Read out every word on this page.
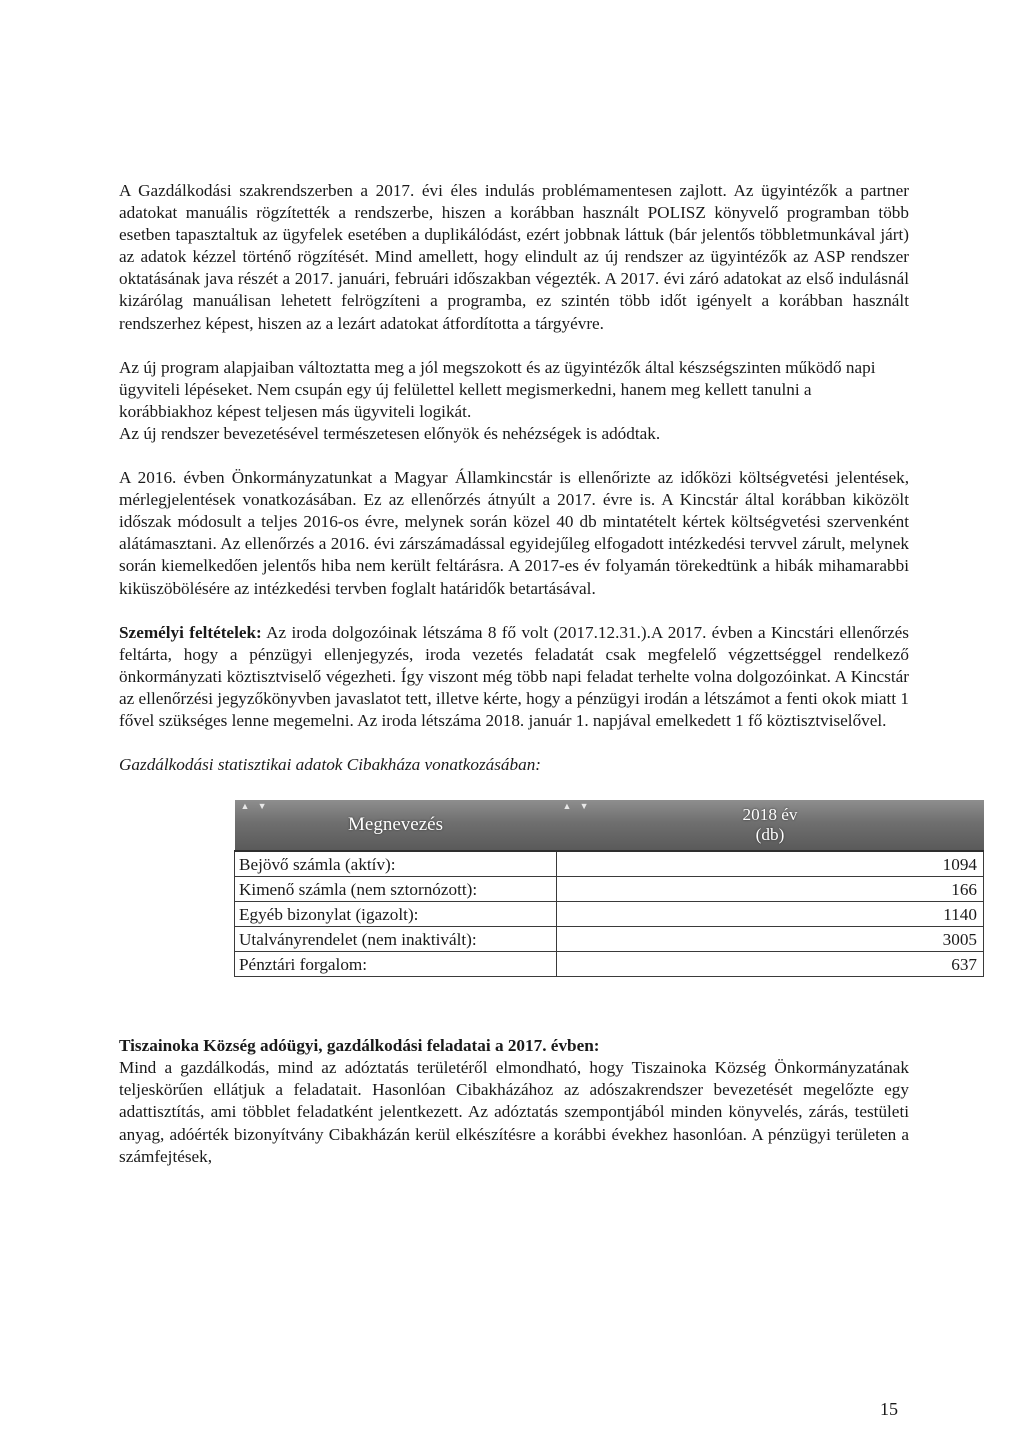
A Gazdálkodási szakrendszerben a 2017. évi éles indulás problémamentesen zajlott. Az ügyintézők a partner adatokat manuális rögzítették a rendszerbe, hiszen a korábban használt POLISZ könyvelő programban több esetben tapasztaltuk az ügyfelek esetében a duplikálódást, ezért jobbnak láttuk (bár jelentős többletmunkával járt) az adatok kézzel történő rögzítését. Mind amellett, hogy elindult az új rendszer az ügyintézők az ASP rendszer oktatásának java részét a 2017. januári, februári időszakban végezték. A 2017. évi záró adatokat az első indulásnál kizárólag manuálisan lehetett felrögzíteni a programba, ez szintén több időt igényelt a korábban használt rendszerhez képest, hiszen az a lezárt adatokat átfordította a tárgyévre.

Az új program alapjaiban változtatta meg a jól megszokott és az ügyintézők által készségszinten működő napi ügyviteli lépéseket. Nem csupán egy új felülettel kellett megismerkedni, hanem meg kellett tanulni a korábbiakhoz képest teljesen más ügyviteli logikát.

Az új rendszer bevezetésével természetesen előnyök és nehézségek is adódtak.

A 2016. évben Önkormányzatunkat a Magyar Államkincstár is ellenőrizte az időközi költségvetési jelentések, mérlegjelentések vonatkozásában. Ez az ellenőrzés átnyúlt a 2017. évre is. A Kincstár által korábban kiközölt időszak módosult a teljes 2016-os évre, melynek során közel 40 db mintatételt kértek költségvetési szervenként alátámasztani. Az ellenőrzés a 2016. évi zárszámadással egyidejűleg elfogadott intézkedési tervvel zárult, melynek során kiemelkedően jelentős hiba nem került feltárásra. A 2017-es év folyamán törekedtünk a hibák mihamarabbi kiküszöbölésére az intézkedési tervben foglalt határidők betartásával.

Személyi feltételek: Az iroda dolgozóinak létszáma 8 fő volt (2017.12.31.).A 2017. évben a Kincstári ellenőrzés feltárta, hogy a pénzügyi ellenjegyzés, iroda vezetés feladatát csak megfelelő végzettséggel rendelkező önkormányzati köztisztviselő végezheti. Így viszont még több napi feladat terhelte volna dolgozóinkat. A Kincstár az ellenőrzési jegyzőkönyvben javaslatot tett, illetve kérte, hogy a pénzügyi irodán a létszámot a fenti okok miatt 1 fővel szükséges lenne megemelni. Az iroda létszáma 2018. január 1. napjával emelkedett 1 fő köztisztviselővel.

Gazdálkodási statisztikai adatok Cibakháza vonatkozásában:

▲ ▼
Megnevezés	▲ ▼ 2018 év
(db)

Bejövő számla (aktív):	1094
Kimenő számla (nem sztornózott):	166
Egyéb bizonylat (igazolt):	1140
Utalványrendelet (nem inaktivált):	3005
Pénztári forgalom:	637

Tiszainoka Község adóügyi, gazdálkodási feladatai a 2017. évben:

Mind a gazdálkodás, mind az adóztatás területéről elmondható, hogy Tiszainoka Község Önkormányzatának teljeskörűen ellátjuk a feladatait. Hasonlóan Cibakházához az adószakrendszer bevezetését megelőzte egy adattisztítás, ami többlet feladatként jelentkezett. Az adóztatás szempontjából minden könyvelés, zárás, testületi anyag, adóérték bizonyítvány Cibakházán kerül elkészítésre a korábbi évekhez hasonlóan. A pénzügyi területen a számfejtések,

15
